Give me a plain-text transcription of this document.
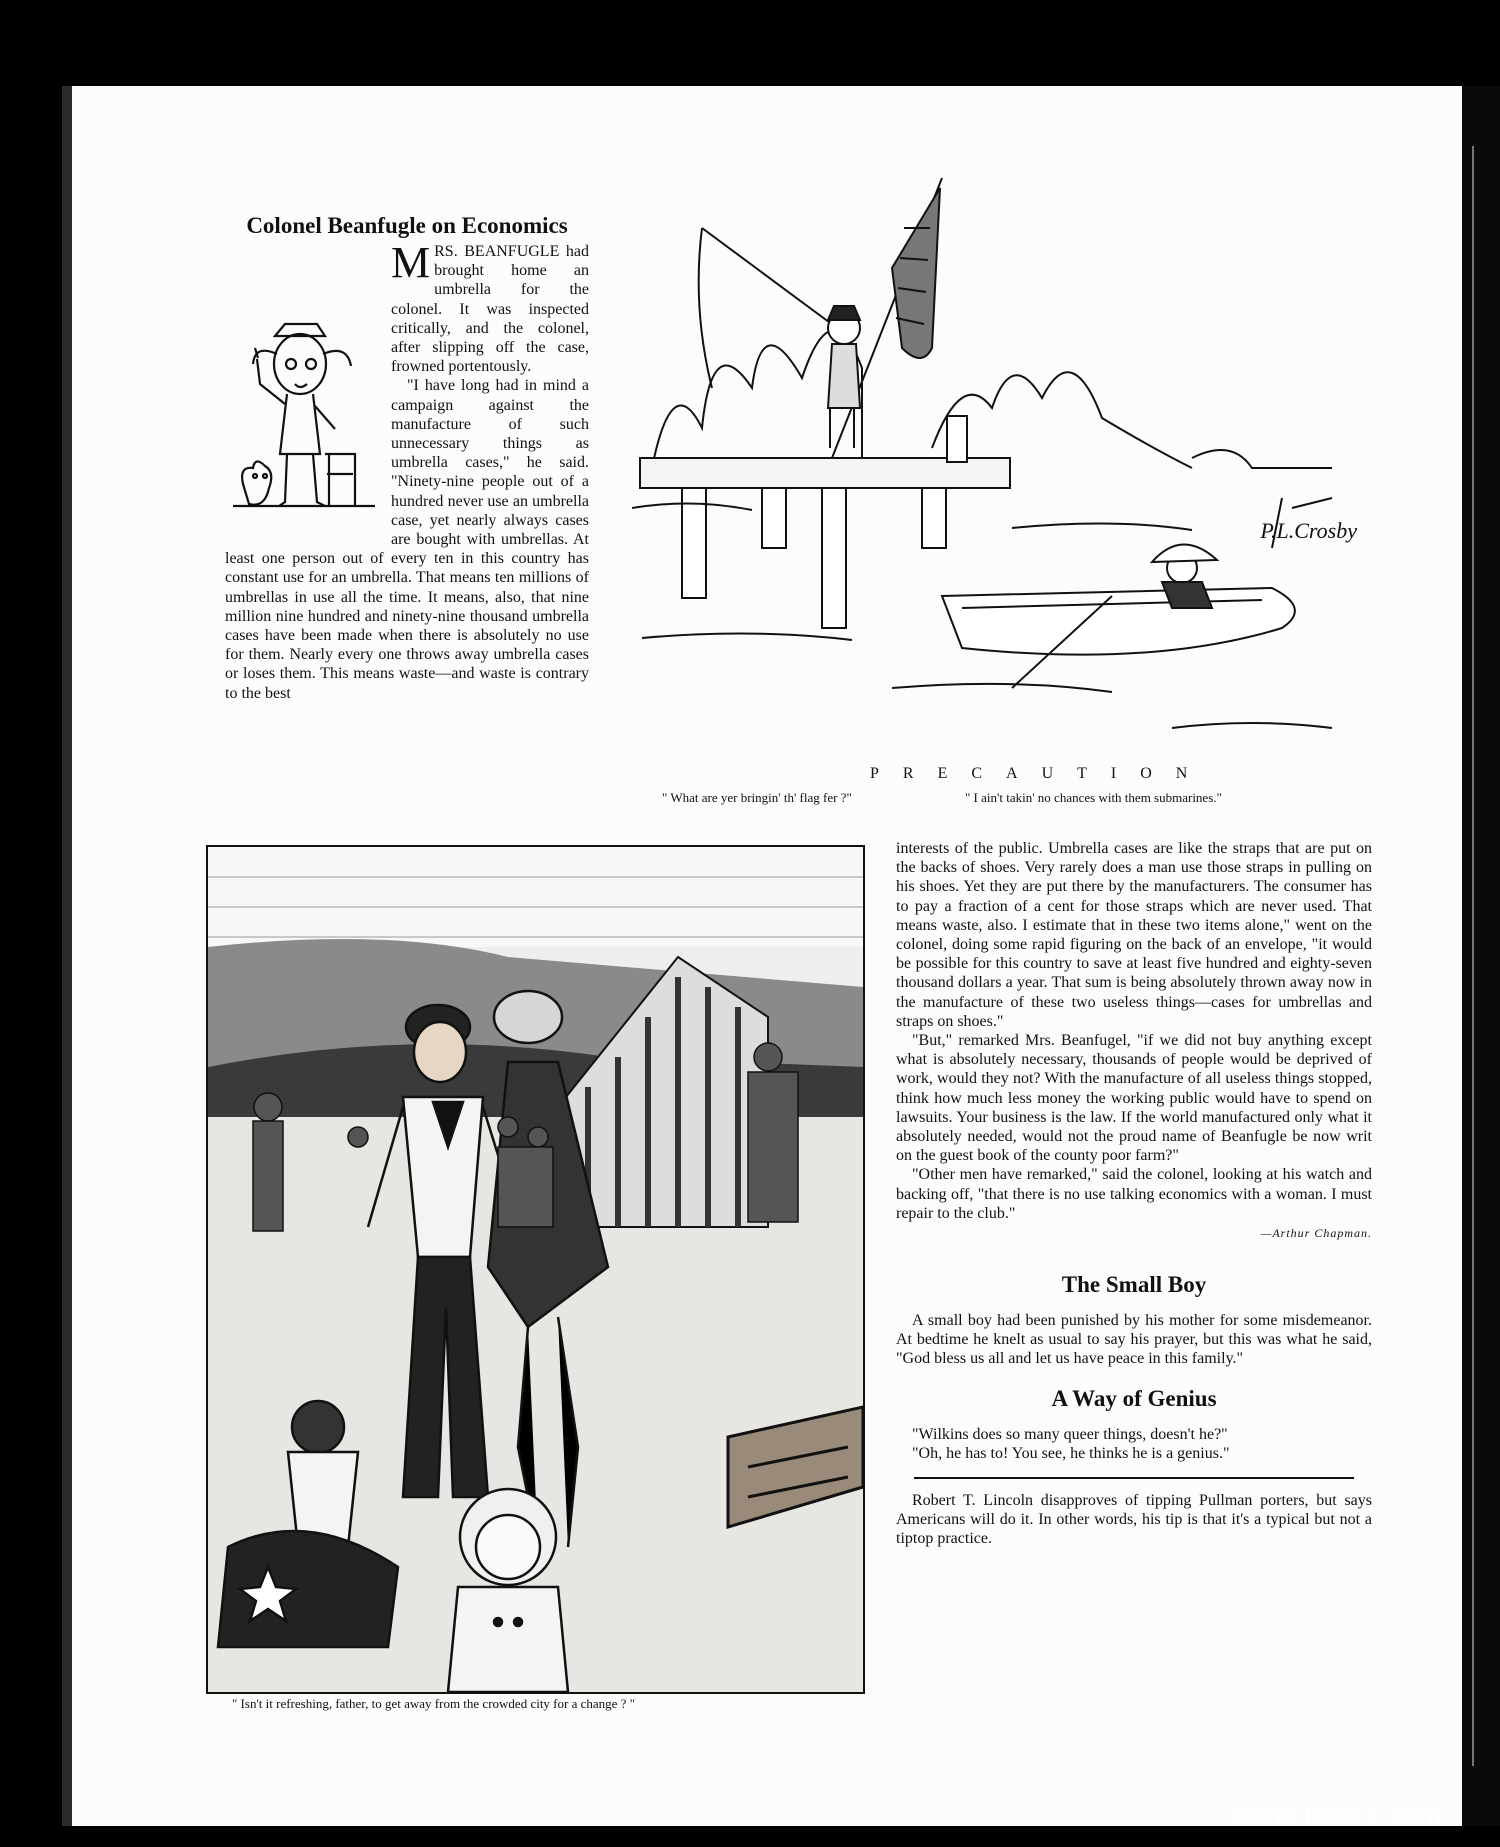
Colonel Beanfugle on Economics

MRS. BEANFUGLE had brought home an umbrella for the colonel. It was inspected critically, and the colonel, after slipping off the case, frowned portentously.

"I have long had in mind a campaign against the manufacture of such unnecessary things as umbrella cases," he said. "Ninety-nine people out of a hundred never use an umbrella case, yet nearly always cases are bought with umbrellas. At least one person out of every ten in this country has constant use for an umbrella. That means ten millions of umbrellas in use all the time. It means, also, that nine million nine hundred and ninety-nine thousand umbrella cases have been made when there is absolutely no use for them. Nearly every one throws away umbrella cases or loses them. This means waste—and waste is contrary to the best

P.L.Crosby
PRECAUTION
" What are yer bringin' th' flag fer ?"	" I ain't takin' no chances with them submarines."
" Isn't it refreshing, father, to get away from the crowded city for a change ? "

interests of the public. Umbrella cases are like the straps that are put on the backs of shoes. Very rarely does a man use those straps in pulling on his shoes. Yet they are put there by the manufacturers. The consumer has to pay a fraction of a cent for those straps which are never used. That means waste, also. I estimate that in these two items alone," went on the colonel, doing some rapid figuring on the back of an envelope, "it would be possible for this country to save at least five hundred and eighty-seven thousand dollars a year. That sum is being absolutely thrown away now in the manufacture of these two useless things—cases for umbrellas and straps on shoes."

"But," remarked Mrs. Beanfugel, "if we did not buy anything except what is absolutely necessary, thousands of people would be deprived of work, would they not? With the manufacture of all useless things stopped, think how much less money the working public would have to spend on lawsuits. Your business is the law. If the world manufactured only what it absolutely needed, would not the proud name of Beanfugle be now writ on the guest book of the county poor farm?"

"Other men have remarked," said the colonel, looking at his watch and backing off, "that there is no use talking economics with a woman. I must repair to the club."

—Arthur Chapman.
The Small Boy

A small boy had been punished by his mother for some misdemeanor. At bedtime he knelt as usual to say his prayer, but this was what he said, "God bless us all and let us have peace in this family."

A Way of Genius

"Wilkins does so many queer things, doesn't he?"

"Oh, he has to! You see, he thinks he is a genius."

Robert T. Lincoln disapproves of tipping Pullman porters, but says Americans will do it. In other words, his tip is that it's a typical but not a tiptop practice.

comicbooks.com
